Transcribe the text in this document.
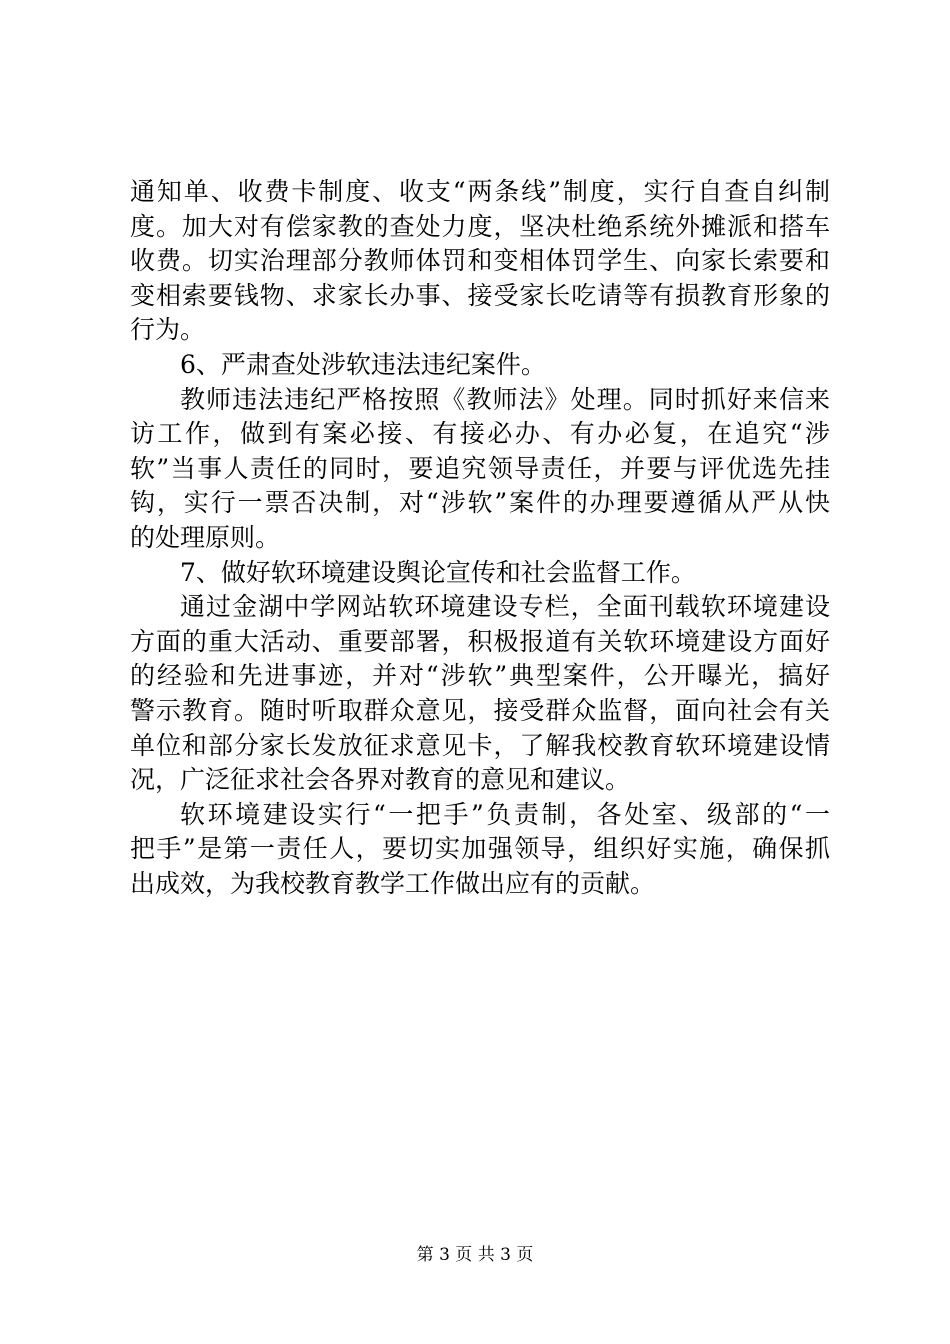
通知单、收费卡制度、收支“两条线”制度，实行自查自纠制
度。加大对有偿家教的查处力度，坚决杜绝系统外摊派和搭车
收费。切实治理部分教师体罚和变相体罚学生、向家长索要和
变相索要钱物、求家长办事、接受家长吃请等有损教育形象的
行为。
6、严肃查处涉软违法违纪案件。
教师违法违纪严格按照《教师法》处理。同时抓好来信来
访工作，做到有案必接、有接必办、有办必复，在追究“涉
软”当事人责任的同时，要追究领导责任，并要与评优选先挂
钩，实行一票否决制，对“涉软”案件的办理要遵循从严从快
的处理原则。
7、做好软环境建设舆论宣传和社会监督工作。
通过金湖中学网站软环境建设专栏，全面刊载软环境建设
方面的重大活动、重要部署，积极报道有关软环境建设方面好
的经验和先进事迹，并对“涉软”典型案件，公开曝光，搞好
警示教育。随时听取群众意见，接受群众监督，面向社会有关
单位和部分家长发放征求意见卡，了解我校教育软环境建设情
况，广泛征求社会各界对教育的意见和建议。
软环境建设实行“一把手”负责制，各处室、级部的“一
把手”是第一责任人，要切实加强领导，组织好实施，确保抓
出成效，为我校教育教学工作做出应有的贡献。
第 3 页 共 3 页
